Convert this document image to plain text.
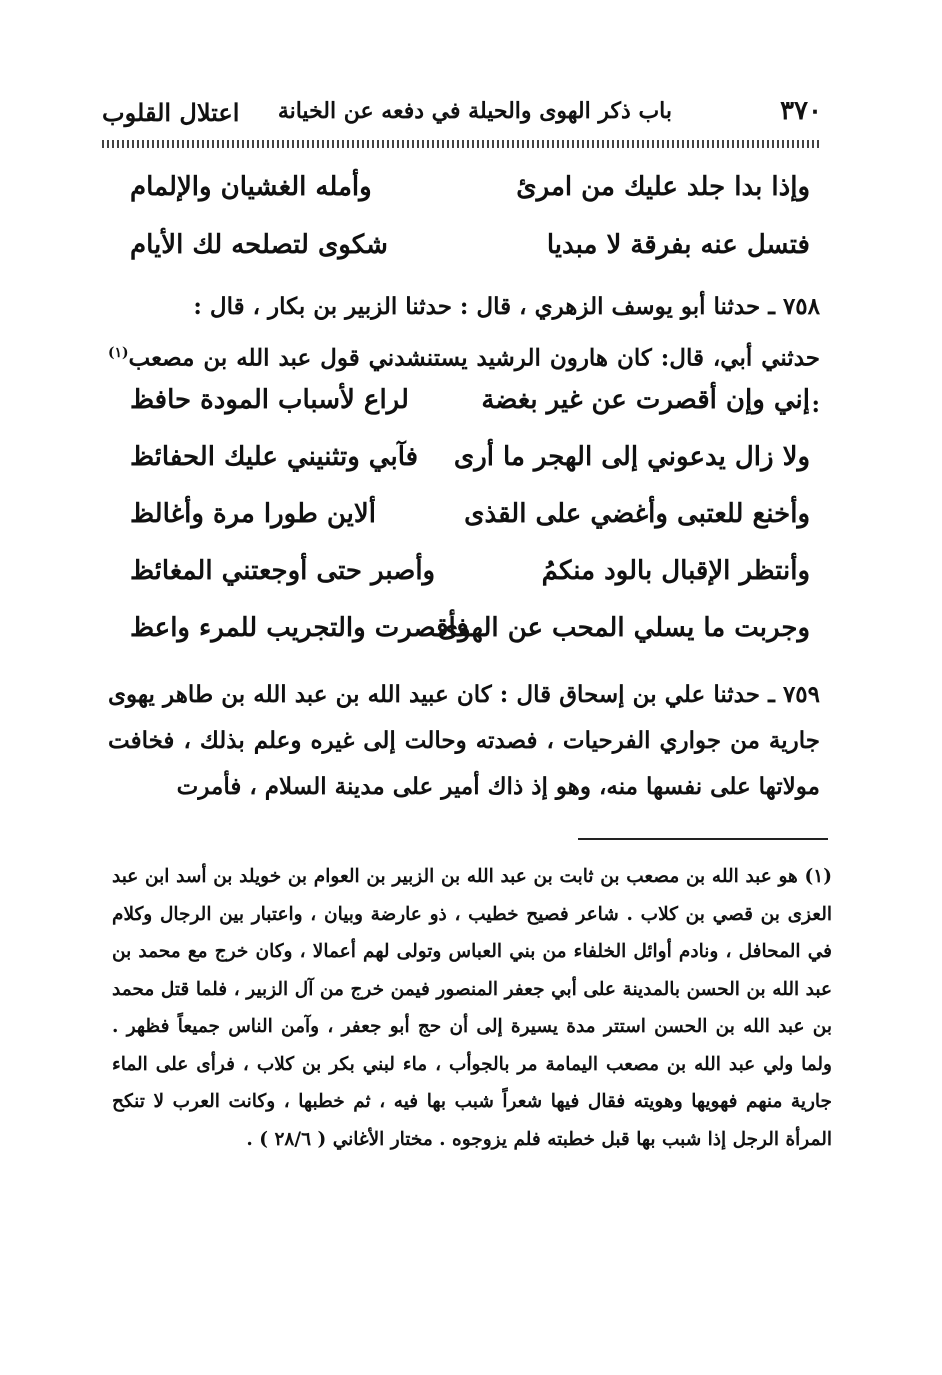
٣٧٠
باب ذكر الهوى والحيلة في دفعه عن الخيانة
اعتلال القلوب
وإذا بدا جلد عليك من امرئ
وأمله الغشيان والإلمام
فتسل عنه بفرقة لا مبديا
شكوى لتصلحه لك الأيام
٧٥٨ ـ حدثنا أبو يوسف الزهري ، قال : حدثنا الزبير بن بكار ، قال :
حدثني أبي، قال: كان هارون الرشيد يستنشدني قول عبد الله بن مصعب$^{(١)}$ :
إني وإن أقصرت عن غير بغضة
لراع لأسباب المودة حافظ
ولا زال يدعوني إلى الهجر ما أرى
فآبي وتثنيني عليك الحفائظ
وأخنع للعتبى وأغضي على القذى
ألاين طورا مرة وأغالظ
وأنتظر الإقبال بالود منكمُ
وأصبر حتى أوجعتني المغائظ
وجربت ما يسلي المحب عن الهوى
فأقصرت والتجريب للمرء واعظ
٧٥٩ ـ حدثنا علي بن إسحاق قال : كان عبيد الله بن عبد الله بن طاهر يهوى جارية من جواري الفرحيات ، فصدته وحالت إلى غيره وعلم بذلك ، فخافت مولاتها على نفسها منه، وهو إذ ذاك أمير على مدينة السلام ، فأمرت
(١) هو عبد الله بن مصعب بن ثابت بن عبد الله بن الزبير بن العوام بن خويلد بن أسد ابن عبد العزى بن قصي بن كلاب . شاعر فصيح خطيب ، ذو عارضة وبيان ، واعتبار بين الرجال وكلام في المحافل ، ونادم أوائل الخلفاء من بني العباس وتولى لهم أعمالا ، وكان خرج مع محمد بن عبد الله بن الحسن بالمدينة على أبي جعفر المنصور فيمن خرج من آل الزبير ، فلما قتل محمد بن عبد الله بن الحسن استتر مدة يسيرة إلى أن حج أبو جعفر ، وآمن الناس جميعاً فظهر . ولما ولي عبد الله بن مصعب اليمامة مر بالجوأب ، ماء لبني بكر بن كلاب ، فرأى على الماء جارية منهم فهويها وهويته فقال فيها شعراً شبب بها فيه ، ثم خطبها ، وكانت العرب لا تنكح المرأة الرجل إذا شبب بها قبل خطبته فلم يزوجوه . مختار الأغاني ( ٢٨/٦ ) .
